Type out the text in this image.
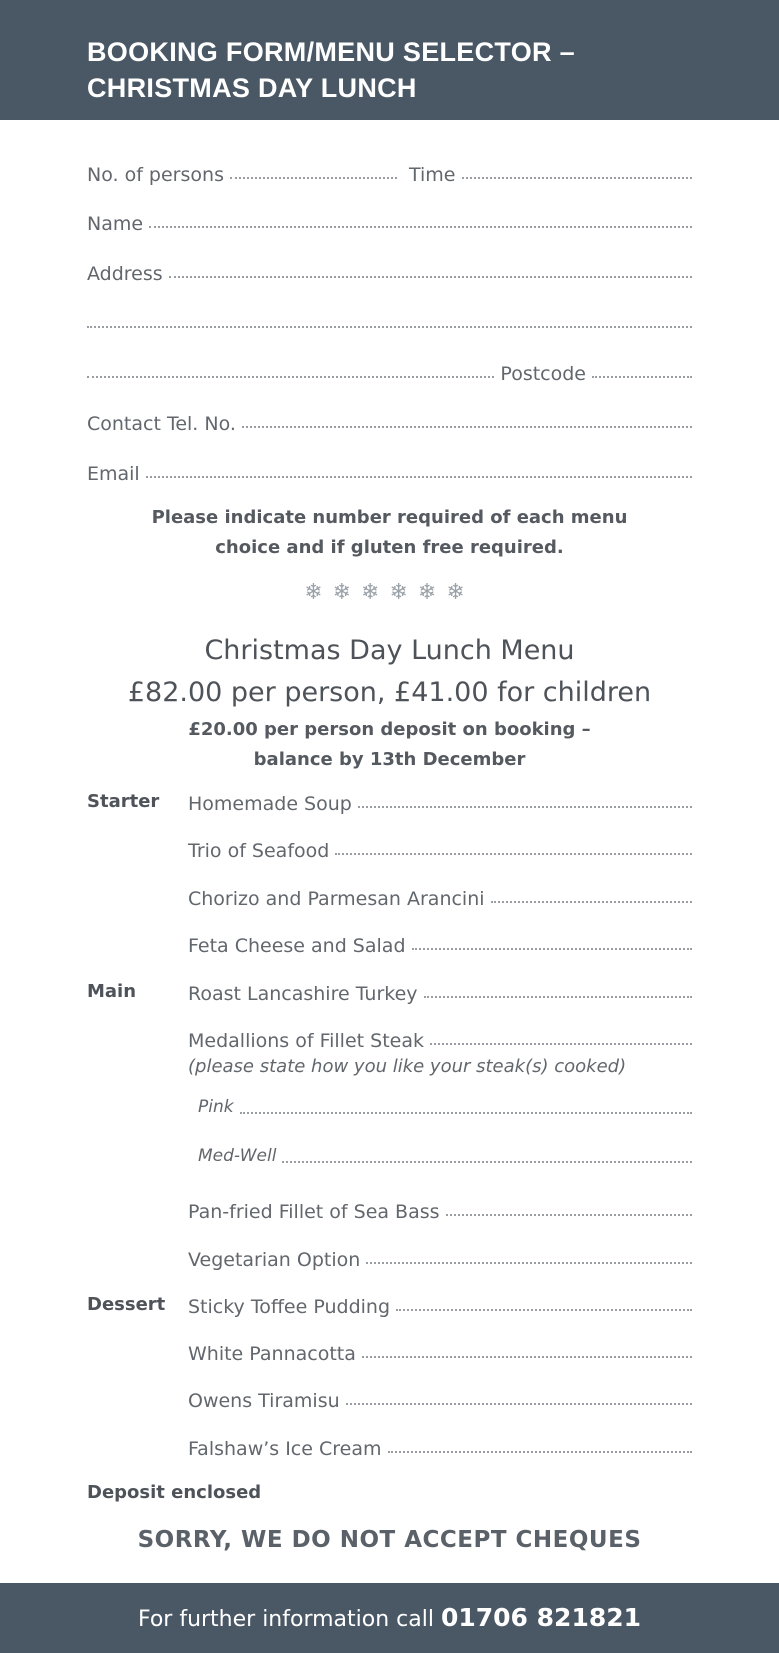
BOOKING FORM/MENU SELECTOR –
CHRISTMAS DAY LUNCH
No. of persons	Time
Name
Address
Postcode
Contact Tel. No.
Email
Please indicate number required of each menu
choice and if gluten free required.
❄❄❄❄❄❄
Christmas Day Lunch Menu
£82.00 per person, £41.00 for children
£20.00 per person deposit on booking –
balance by 13th December
Starter Homemade Soup
Trio of Seafood
Chorizo and Parmesan Arancini
Feta Cheese and Salad
Main	Roast Lancashire Turkey
Medallions of Fillet Steak
(please state how you like your steak(s) cooked)
Pink
Med-Well
Pan-fried Fillet of Sea Bass
Vegetarian Option
Dessert Sticky Toffee Pudding
White Pannacotta
Owens Tiramisu
Falshaw’s Ice Cream
Deposit enclosed
SORRY, WE DO NOT ACCEPT CHEQUES
For further information call 01706 821821
